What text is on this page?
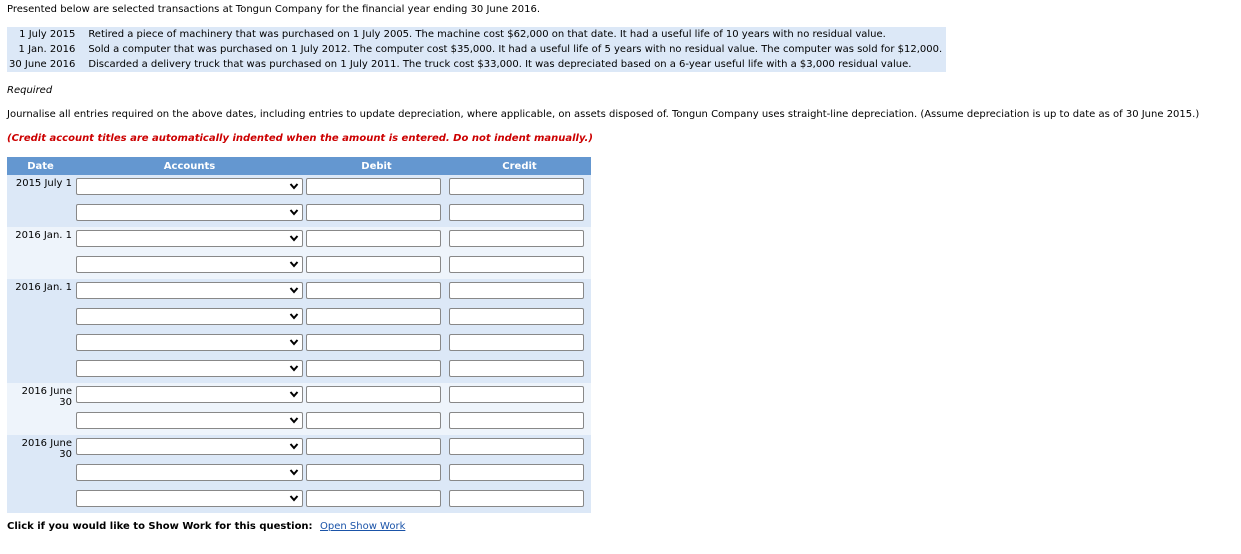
Presented below are selected transactions at Tongun Company for the financial year ending 30 June 2016.
1 July 2015	Retired a piece of machinery that was purchased on 1 July 2005. The machine cost $62,000 on that date. It had a useful life of 10 years with no residual value.
1 Jan. 2016	Sold a computer that was purchased on 1 July 2012. The computer cost $35,000. It had a useful life of 5 years with no residual value. The computer was sold for $12,000.
30 June 2016	Discarded a delivery truck that was purchased on 1 July 2011. The truck cost $33,000. It was depreciated based on a 6-year useful life with a $3,000 residual value.
Required
Journalise all entries required on the above dates, including entries to update depreciation, where applicable, on assets disposed of. Tongun Company uses straight-line depreciation. (Assume depreciation is up to date as of 30 June 2015.)
(Credit account titles are automatically indented when the amount is entered. Do not indent manually.)
Date	Accounts	Debit	Credit
2015 July 1	

2016 Jan. 1	

2016 Jan. 1	

2016 June 30	

2016 June 30	

Click if you would like to Show Work for this question: Open Show Work
